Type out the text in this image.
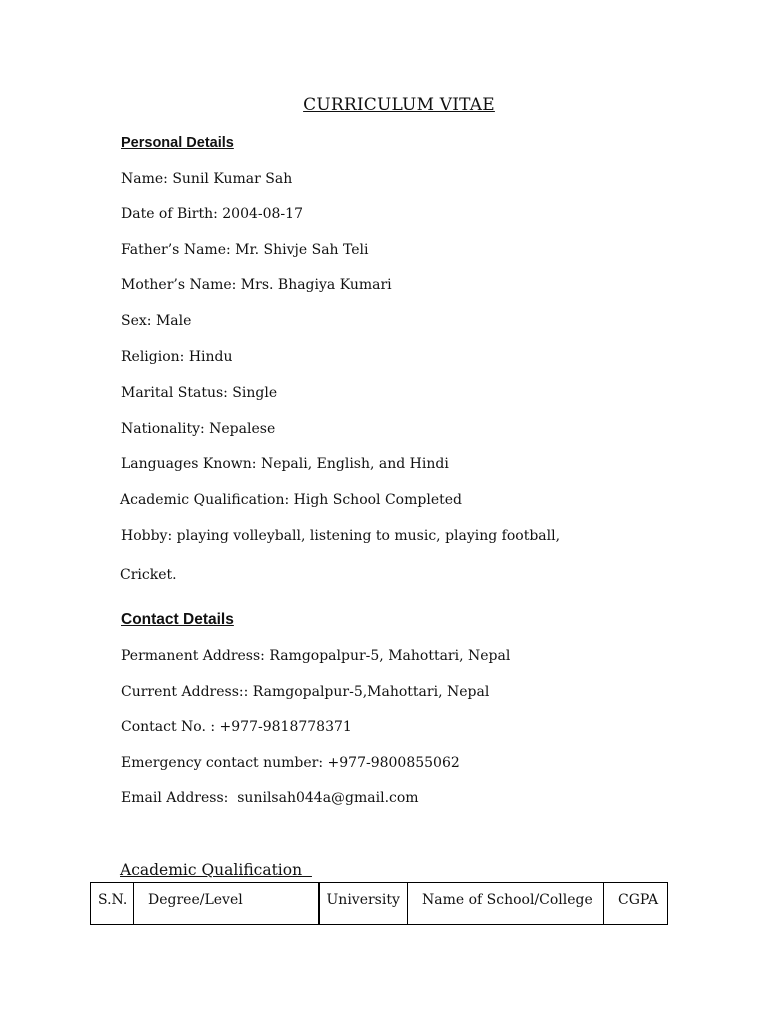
CURRICULUM VITAE
Personal Details
Name: Sunil Kumar Sah
Date of Birth: 2004-08-17
Father’s Name: Mr. Shivje Sah Teli
Mother’s Name: Mrs. Bhagiya Kumari
Sex: Male
Religion: Hindu
Marital Status: Single
Nationality: Nepalese
Languages Known: Nepali, English, and Hindi
Academic Qualification: High School Completed
Hobby: playing volleyball, listening to music, playing football,
Cricket.
Contact Details
Permanent Address: Ramgopalpur-5, Mahottari, Nepal
Current Address:: Ramgopalpur-5,Mahottari, Nepal
Contact No. : +977-9818778371
Emergency contact number: +977-9800855062
Email Address:  sunilsah044a@gmail.com
Academic Qualification
S.N.	Degree/Level	University	Name of School/College	CGPA
